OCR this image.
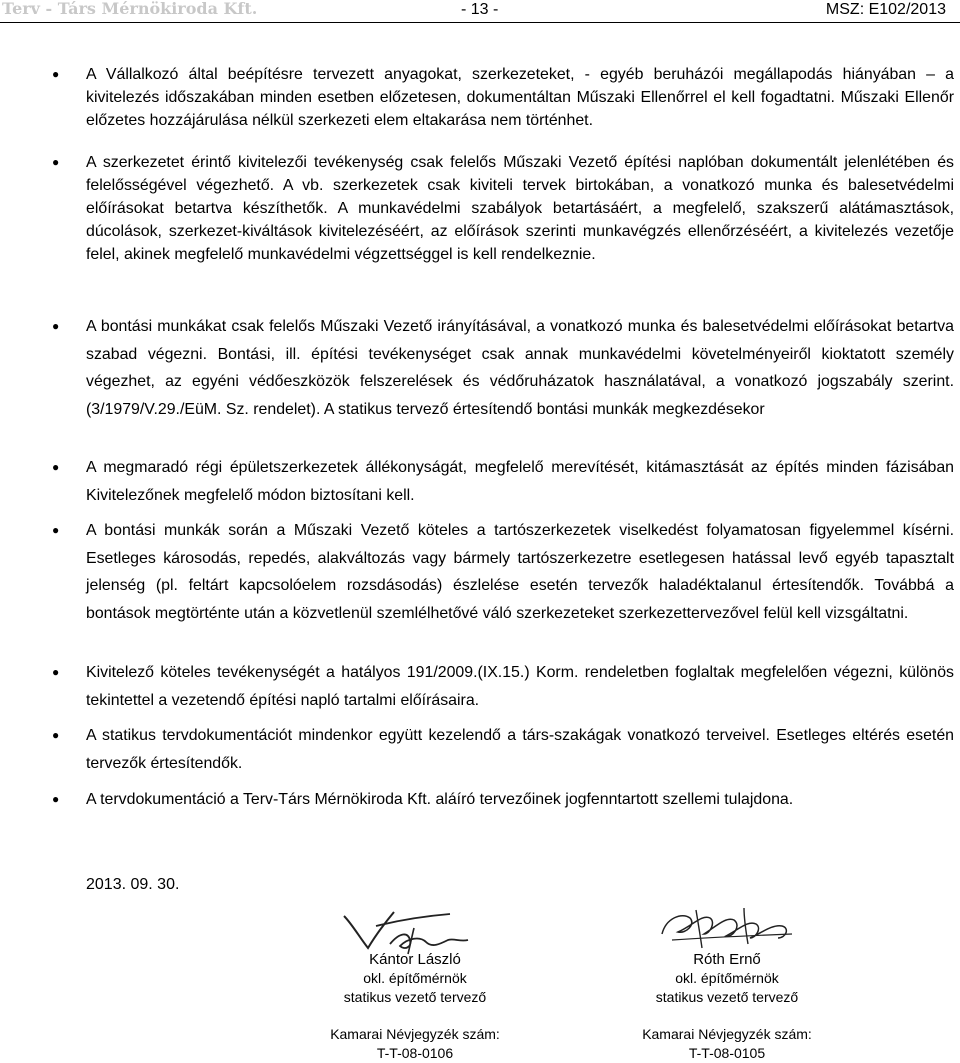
Terv - Társ Mérnökiroda Kft.	- 13 -	MSZ: E102/2013
● A Vállalkozó által beépítésre tervezett anyagokat, szerkezeteket, - egyéb beruházói megállapodás hiányában – a kivitelezés időszakában minden esetben előzetesen, dokumentáltan Műszaki Ellenőrrel el kell fogadtatni. Műszaki Ellenőr előzetes hozzájárulása nélkül szerkezeti elem eltakarása nem történhet.
● A szerkezetet érintő kivitelezői tevékenység csak felelős Műszaki Vezető építési naplóban dokumentált jelenlétében és felelősségével végezhető. A vb. szerkezetek csak kiviteli tervek birtokában, a vonatkozó munka és balesetvédelmi előírásokat betartva készíthetők. A munkavédelmi szabályok betartásáért, a megfelelő, szakszerű alátámasztások, dúcolások, szerkezet-kiváltások kivitelezéséért, az előírások szerinti munkavégzés ellenőrzéséért, a kivitelezés vezetője felel, akinek megfelelő munkavédelmi végzettséggel is kell rendelkeznie.
● A bontási munkákat csak felelős Műszaki Vezető irányításával, a vonatkozó munka és balesetvédelmi előírásokat betartva szabad végezni. Bontási, ill. építési tevékenységet csak annak munkavédelmi követelményeiről kioktatott személy végezhet, az egyéni védőeszközök felszerelések és védőruházatok használatával, a vonatkozó jogszabály szerint. (3/1979/V.29./EüM. Sz. rendelet). A statikus tervező értesítendő bontási munkák megkezdésekor
● A megmaradó régi épületszerkezetek állékonyságát, megfelelő merevítését, kitámasztását az építés minden fázisában Kivitelezőnek megfelelő módon biztosítani kell.
● A bontási munkák során a Műszaki Vezető köteles a tartószerkezetek viselkedést folyamatosan figyelemmel kísérni. Esetleges károsodás, repedés, alakváltozás vagy bármely tartószerkezetre esetlegesen hatással levő egyéb tapasztalt jelenség (pl. feltárt kapcsolóelem rozsdásodás) észlelése esetén tervezők haladéktalanul értesítendők. Továbbá a bontások megtörténte után a közvetlenül szemlélhetővé váló szerkezeteket szerkezettervezővel felül kell vizsgáltatni.
● Kivitelező köteles tevékenységét a hatályos 191/2009.(IX.15.) Korm. rendeletben foglaltak megfelelően végezni, különös tekintettel a vezetendő építési napló tartalmi előírásaira.
● A statikus tervdokumentációt mindenkor együtt kezelendő a társ-szakágak vonatkozó terveivel. Esetleges eltérés esetén tervezők értesítendők.
● A tervdokumentáció a Terv-Társ Mérnökiroda Kft. aláíró tervezőinek jogfenntartott szellemi tulajdona.
2013. 09. 30.
Kántor László
okl. építőmérnök
statikus vezető tervező
Kamarai Névjegyzék szám:
T-T-08-0106
Róth Ernő
okl. építőmérnök
statikus vezető tervező
Kamarai Névjegyzék szám:
T-T-08-0105
